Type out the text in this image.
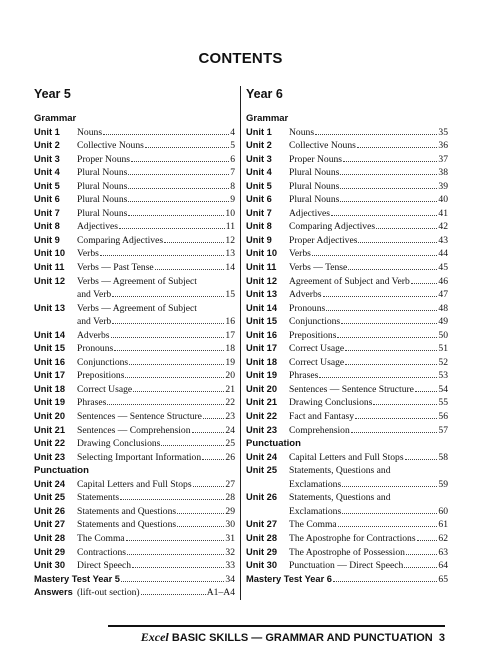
CONTENTS
Year 5
Grammar
Unit 1	Nouns	4
Unit 2	Collective Nouns	5
Unit 3	Proper Nouns	6
Unit 4	Plural Nouns	7
Unit 5	Plural Nouns	8
Unit 6	Plural Nouns	9
Unit 7	Plural Nouns	10
Unit 8	Adjectives	11
Unit 9	Comparing Adjectives	12
Unit 10	Verbs	13
Unit 11	Verbs — Past Tense	14
Unit 12	Verbs — Agreement of Subject
and Verb	15
Unit 13	Verbs — Agreement of Subject
and Verb	16
Unit 14	Adverbs	17
Unit 15	Pronouns	18
Unit 16	Conjunctions	19
Unit 17	Prepositions	20
Unit 18	Correct Usage	21
Unit 19	Phrases	22
Unit 20	Sentences — Sentence Structure 23
Unit 21	Sentences — Comprehension	24
Unit 22	Drawing Conclusions	25
Unit 23	Selecting Important Information	26
Punctuation
Unit 24	Capital Letters and Full Stops	27
Unit 25	Statements	28
Unit 26	Statements and Questions	29
Unit 27	Statements and Questions	30
Unit 28	The Comma	31
Unit 29	Contractions	32
Unit 30	Direct Speech	33
Mastery Test Year 5	34
Answers (lift-out section)	A1–A4
Year 6
Grammar
Unit 1	Nouns	35
Unit 2	Collective Nouns	36
Unit 3	Proper Nouns	37
Unit 4	Plural Nouns	38
Unit 5	Plural Nouns	39
Unit 6	Plural Nouns	40
Unit 7	Adjectives	41
Unit 8	Comparing Adjectives	42
Unit 9	Proper Adjectives	43
Unit 10	Verbs	44
Unit 11	Verbs — Tense	45
Unit 12	Agreement of Subject and Verb	46
Unit 13	Adverbs	47
Unit 14	Pronouns	48
Unit 15	Conjunctions	49
Unit 16	Prepositions	50
Unit 17	Correct Usage	51
Unit 18	Correct Usage	52
Unit 19	Phrases	53
Unit 20	Sentences — Sentence Structure	54
Unit 21	Drawing Conclusions	55
Unit 22	Fact and Fantasy	56
Unit 23	Comprehension	57
Punctuation
Unit 24	Capital Letters and Full Stops	58
Unit 25	Statements, Questions and
Exclamations	59
Unit 26	Statements, Questions and
Exclamations	60
Unit 27	The Comma	61
Unit 28	The Apostrophe for Contractions 62
Unit 29	The Apostrophe of Possession	63
Unit 30	Punctuation — Direct Speech	64
Mastery Test Year 6	65
Excel BASIC SKILLS — GRAMMAR AND PUNCTUATION 3
